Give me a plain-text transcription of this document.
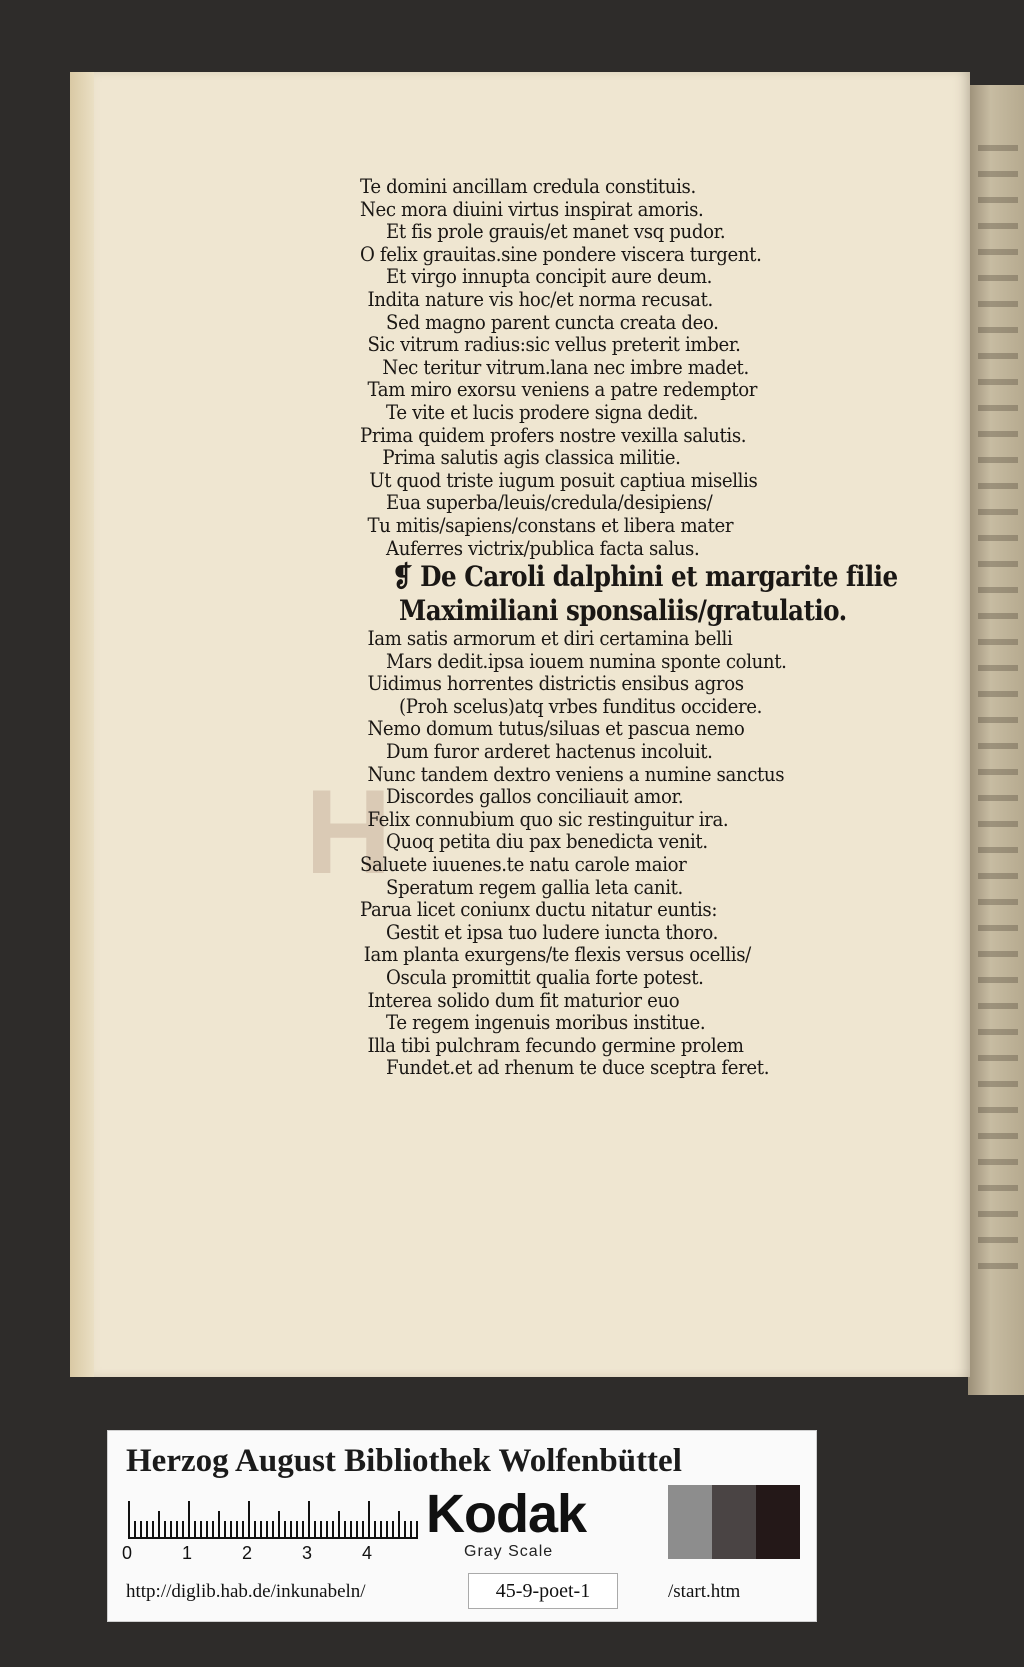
H
Te domini ancillam credula constituis.
Nec mora diuini virtus inspirat amoris.
Et fis prole grauis/et manet vsq pudor.
O felix grauitas.sine pondere viscera turgent.
Et virgo innupta concipit aure deum.
Indita nature vis hoc/et norma recusat.
Sed magno parent cuncta creata deo.
Sic vitrum radius:sic vellus preterit imber.
Nec teritur vitrum.lana nec imbre madet.
Tam miro exorsu veniens a patre redemptor
Te vite et lucis prodere signa dedit.
Prima quidem profers nostre vexilla salutis.
Prima salutis agis classica militie.
Ut quod triste iugum posuit captiua misellis
Eua superba/leuis/credula/desipiens/
Tu mitis/sapiens/constans et libera mater
Auferres victrix/publica facta salus.
❡ De Caroli dalphini et margarite filie
Maximiliani sponsaliis/gratulatio.
Iam satis armorum et diri certamina belli
Mars dedit.ipsa iouem numina sponte colunt.
Uidimus horrentes districtis ensibus agros
(Proh scelus)atq vrbes funditus occidere.
Nemo domum tutus/siluas et pascua nemo
Dum furor arderet hactenus incoluit.
Nunc tandem dextro veniens a numine sanctus
Discordes gallos conciliauit amor.
Felix connubium quo sic restinguitur ira.
Quoq petita diu pax benedicta venit.
Saluete iuuenes.te natu carole maior
Speratum regem gallia leta canit.
Parua licet coniunx ductu nitatur euntis:
Gestit et ipsa tuo ludere iuncta thoro.
Iam planta exurgens/te flexis versus ocellis/
Oscula promittit qualia forte potest.
Interea solido dum fit maturior euo
Te regem ingenuis moribus institue.
Illa tibi pulchram fecundo germine prolem
Fundet.et ad rhenum te duce sceptra feret.
Herzog August Bibliothek Wolfenbüttel
0	1	2	3	4
Kodak
Gray Scale
http://diglib.hab.de/inkunabeln/	45-9-poet-1	/start.htm
